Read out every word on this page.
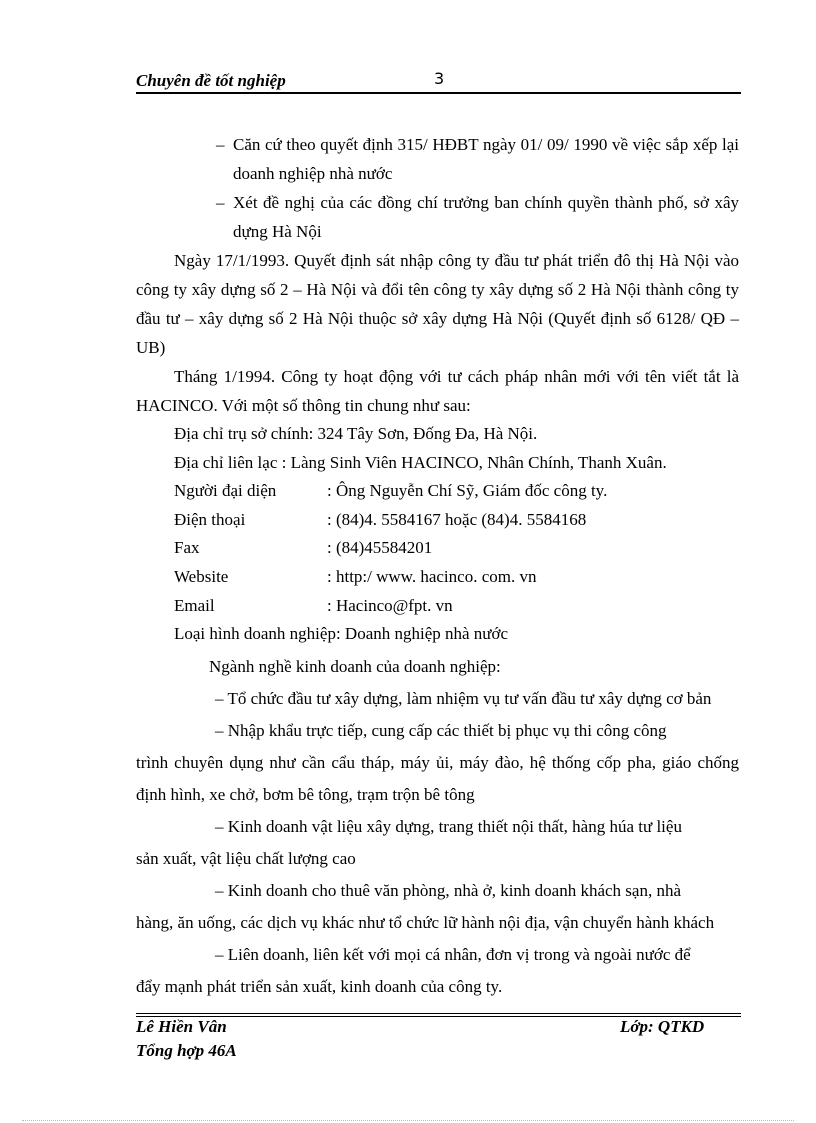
Chuyên đề tốt nghiệp	3
– Căn cứ theo quyết định 315/ HĐBT ngày 01/ 09/ 1990 về việc sắp xếp lại doanh nghiệp nhà nước
– Xét đề nghị của các đồng chí trưởng ban chính quyền thành phố, sở xây dựng Hà Nội

Ngày 17/1/1993. Quyết định sát nhập công ty đầu tư phát triển đô thị Hà Nội vào công ty xây dựng số 2 – Hà Nội và đổi tên công ty xây dựng số 2 Hà Nội thành công ty đầu tư – xây dựng số 2 Hà Nội thuộc sở xây dựng Hà Nội (Quyết định số 6128/ QĐ – UB)

Tháng 1/1994. Công ty hoạt động với tư cách pháp nhân mới với tên viết tắt là HACINCO. Với một số thông tin chung như sau:

Địa chỉ trụ sở chính: 324 Tây Sơn, Đống Đa, Hà Nội.
Địa chỉ liên lạc : Làng Sinh Viên HACINCO, Nhân Chính, Thanh Xuân.
Người đại diện	: Ông Nguyễn Chí Sỹ, Giám đốc công ty.
Điện thoại	: (84)4. 5584167 hoặc (84)4. 5584168
Fax	: (84)45584201
Website	: http:/ www. hacinco. com. vn
Email	: Hacinco@fpt. vn
Loại hình doanh nghiệp: Doanh nghiệp nhà nước
Ngành nghề kinh doanh của doanh nghiệp:
– Tổ chức đầu tư xây dựng, làm nhiệm vụ tư vấn đầu tư xây dựng cơ bản
– Nhập khẩu trực tiếp, cung cấp các thiết bị phục vụ thi công công
trình chuyên dụng như cần cẩu tháp, máy ủi, máy đào, hệ thống cốp pha, giáo chống định hình, xe chở, bơm bê tông, trạm trộn bê tông
– Kinh doanh vật liệu xây dựng, trang thiết nội thất, hàng húa tư liệu
sản xuất, vật liệu chất lượng cao
– Kinh doanh cho thuê văn phòng, nhà ở, kinh doanh khách sạn, nhà
hàng, ăn uống, các dịch vụ khác như tổ chức lữ hành nội địa, vận chuyển hành khách
– Liên doanh, liên kết với mọi cá nhân, đơn vị trong và ngoài nước để
đẩy mạnh phát triển sản xuất, kinh doanh của công ty.
Lê Hiền Vân	Lớp: QTKD
Tổng hợp 46A
